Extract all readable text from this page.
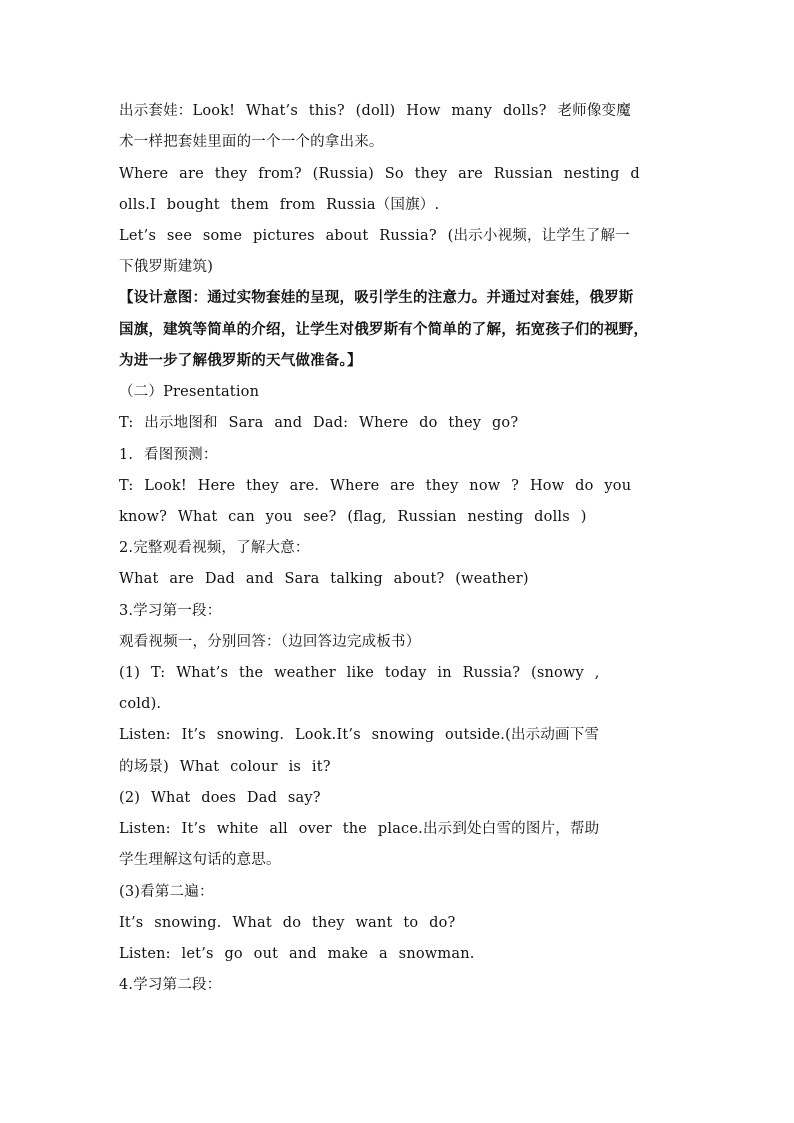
出示套娃：Look! What’s this? (doll) How many dolls? 老师像变魔

术一样把套娃里面的一个一个的拿出来。

Where are they from? (Russia) So they are Russian nesting d

olls.I bought them from Russia（国旗）.

Let’s see some pictures about Russia? (出示小视频，让学生了解一

下俄罗斯建筑)

【设计意图：通过实物套娃的呈现，吸引学生的注意力。并通过对套娃，俄罗斯

国旗，建筑等简单的介绍，让学生对俄罗斯有个简单的了解，拓宽孩子们的视野，

为进一步了解俄罗斯的天气做准备。】

（二）Presentation

T: 出示地图和 Sara and Dad: Where do they go?

1. 看图预测：

T: Look! Here they are. Where are they now ? How do you

know? What can you see? (flag, Russian nesting dolls )

2.完整观看视频，了解大意：

What are Dad and Sara talking about? (weather)

3.学习第一段：

观看视频一，分别回答：（边回答边完成板书）

(1) T: What’s the weather like today in Russia? (snowy ,

cold).

Listen: It’s snowing. Look.It’s snowing outside.(出示动画下雪

的场景) What colour is it?

(2) What does Dad say?

Listen: It’s white all over the place.出示到处白雪的图片，帮助

学生理解这句话的意思。

(3)看第二遍：

It’s snowing. What do they want to do?

Listen: let’s go out and make a snowman.

4.学习第二段：
